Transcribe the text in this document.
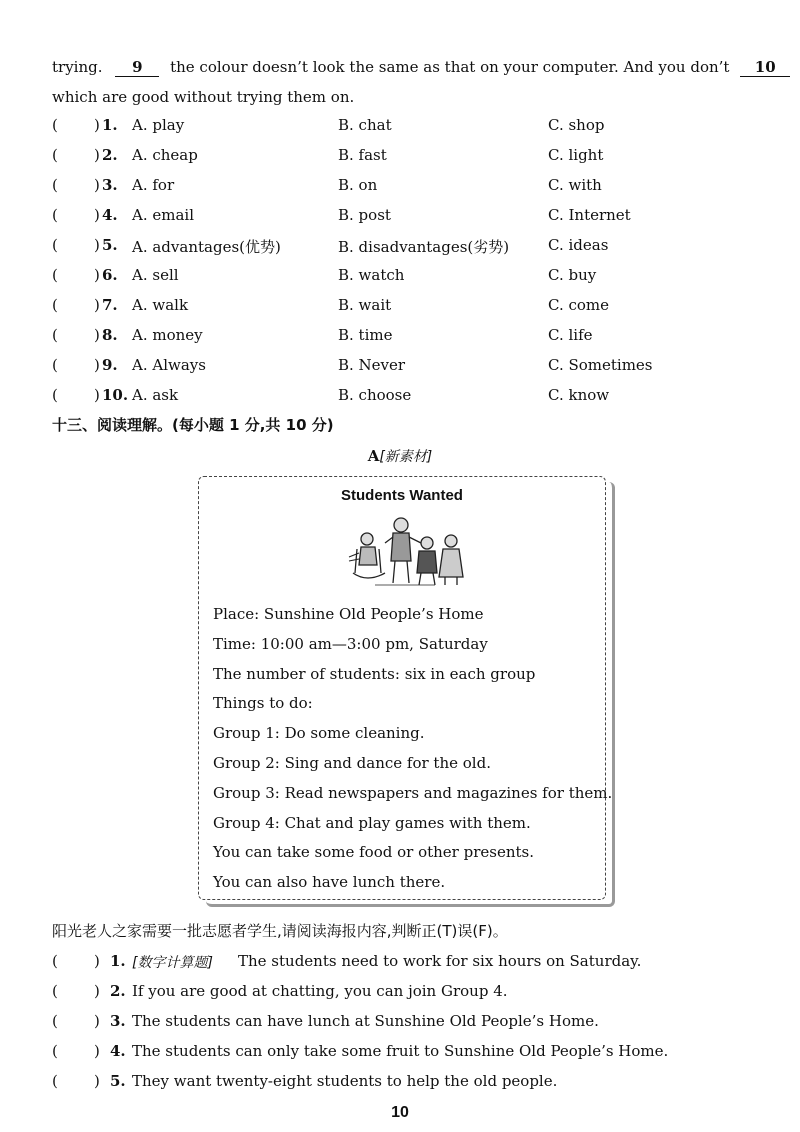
trying. 9 the colour doesn’t look the same as that on your computer. And you don’t 10
which are good without trying them on.
( ) 1. A. play	B. chat	C. shop
( ) 2. A. cheap	B. fast	C. light
( ) 3. A. for	B. on	C. with
( ) 4. A. email	B. post	C. Internet
( ) 5. A. advantages(优势)	B. disadvantages(劣势)	C. ideas
( ) 6. A. sell	B. watch	C. buy
( ) 7. A. walk	B. wait	C. come
( ) 8. A. money	B. time	C. life
( ) 9. A. Always	B. Never	C. Sometimes
( ) 10. A. ask	B. choose	C. know
十三、阅读理解。(每小题 1 分,共 10 分)
A[新素材]
Students Wanted
Place: Sunshine Old People’s Home
Time: 10:00 am—3:00 pm, Saturday
The number of students: six in each group
Things to do:
Group 1: Do some cleaning.
Group 2: Sing and dance for the old.
Group 3: Read newspapers and magazines for them.
Group 4: Chat and play games with them.
You can take some food or other presents.
You can also have lunch there.
阳光老人之家需要一批志愿者学生,请阅读海报内容,判断正(T)误(F)。
( ) 1. [数字计算题] The students need to work for six hours on Saturday.
( ) 2. If you are good at chatting, you can join Group 4.
( ) 3. The students can have lunch at Sunshine Old People’s Home.
( ) 4. The students can only take some fruit to Sunshine Old People’s Home.
( ) 5. They want twenty-eight students to help the old people.
10
